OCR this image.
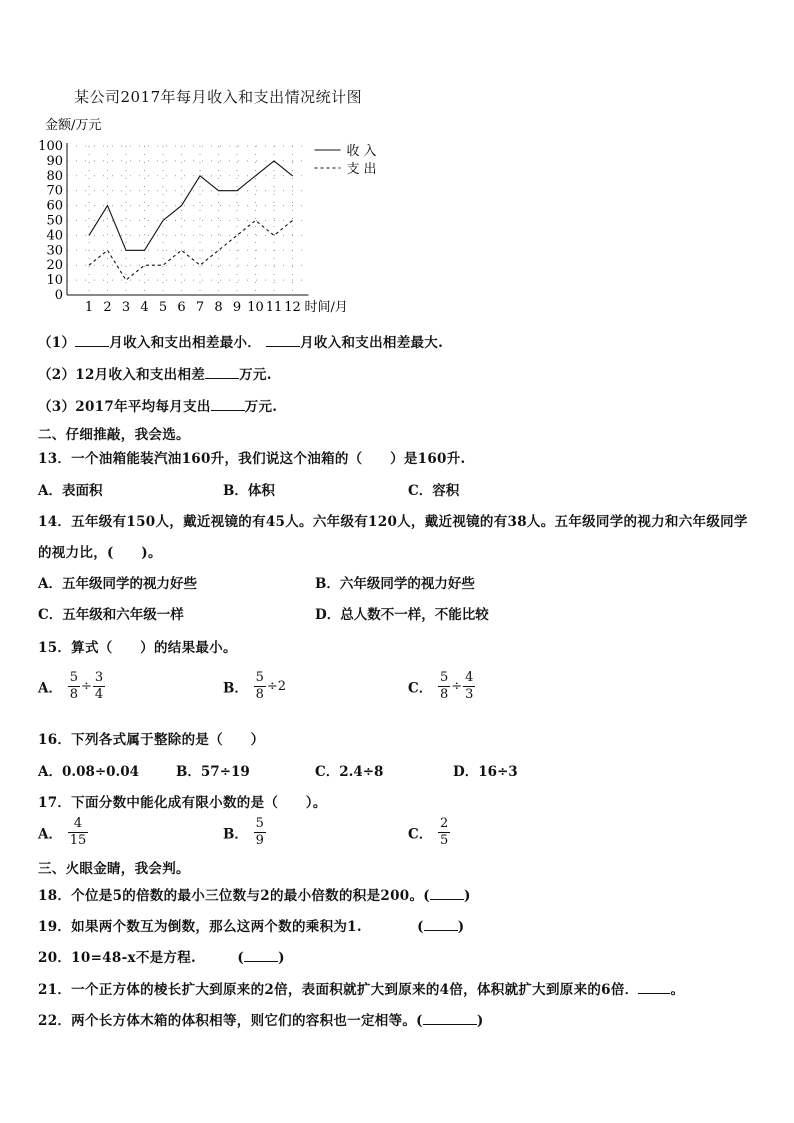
某公司2017年每月收入和支出情况统计图
金额/万元
0
10
20
30
40
50
60
70
80
90
100
1 2 3 4 5 6 7 8 9 10 11 12 时间/月
收入
支出
（1）	月收入和支出相差最小．	月收入和支出相差最大.
（2）12月收入和支出相差	万元.
（3）2017年平均每月支出	万元.
二、仔细推敲，我会选。
13．一个油箱能装汽油160升，我们说这个油箱的（　　）是160升.
A．表面积	B．体积	C．容积
14．五年级有150人，戴近视镜的有45人。六年级有120人，戴近视镜的有38人。五年级同学的视力和六年级同学
的视力比，(　　)。
A．五年级同学的视力好些	B．六年级同学的视力好些
C．五年级和六年级一样	D．总人数不一样，不能比较
15．算式（　　）的结果最小。
A． $\frac{5}{8} \div \frac{3}{4}$	B． $\frac{5}{8} \div 2$	C． $\frac{5}{8} \div \frac{4}{3}$
16．下列各式属于整除的是（　　）
A．0.08÷0.04	B．57÷19	C．2.4÷8	D．16÷3
17．下面分数中能化成有限小数的是（　　）。
A． $\frac{4}{15}$	B． $\frac{5}{9}$	C． $\frac{2}{5}$
三、火眼金睛，我会判。
18．个位是5的倍数的最小三位数与2的最小倍数的积是200。(	)
19．如果两个数互为倒数，那么这两个数的乘积为1.　　　　(	)
20．10=48-x不是方程.　　　(	)
21．一个正方体的棱长扩大到原来的2倍，表面积就扩大到原来的4倍，体积就扩大到原来的6倍． 。
22．两个长方体木箱的体积相等，则它们的容积也一定相等。(	)
